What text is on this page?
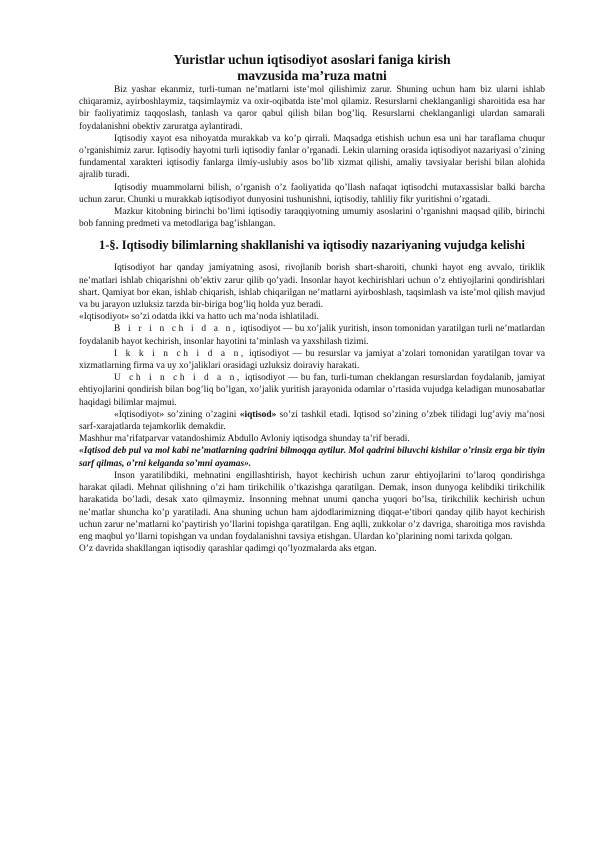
Yuristlar uchun iqtisodiyot asoslari faniga kirish
mavzusida ma’ruza matni

Biz yashar ekanmiz, turli-tuman ne’matlarni iste’mol qilishimiz zarur. Shuning uchun ham biz ularni ishlab chiqaramiz, ayirboshlaymiz, taqsimlaymiz va oxir-oqibatda iste’mol qilamiz. Resurslarni cheklanganligi sharoitida esa har bir faoliyatimiz taqqoslash, tanlash va qaror qabul qilish bilan bog’liq. Resurslarni cheklanganligi ulardan samarali foydalanishni obektiv zaruratga aylantiradi.

Iqtisodiy xayot esa nihoyatda murakkab va ko’p qirrali. Maqsadga etishish uchun esa uni har taraflama chuqur o’rganishimiz zarur. Iqtisodiy hayotni turli iqtisodiy fanlar o’rganadi. Lekin ularning orasida iqtisodiyot nazariyasi o’zining fundamental xarakteri iqtisodiy fanlarga ilmiy-uslubiy asos bo’lib xizmat qilishi, amaliy tavsiyalar berishi bilan alohida ajralib turadi.

Iqtisodiy muammolarni bilish, o’rganish o’z faoliyatida qo’llash nafaqat iqtisodchi mutaxassislar balki barcha uchun zarur. Chunki u murakkab iqtisodiyot dunyosini tushunishni, iqtisodiy, tahliliy fikr yuritishni o’rgatadi.

Mazkur kitobning birinchi bo’limi iqtisodiy taraqqiyotning umumiy asoslarini o’rganishni maqsad qilib, birinchi bob fanning predmeti va metodlariga bag’ishlangan.

1-§. Iqtisodiy bilimlarning shakllanishi va iqtisodiy nazariyaning vujudga kelishi

Iqtisodiyot har qanday jamiyatning asosi, rivojlanib borish shart-sharoiti, chunki hayot eng avvalo, tiriklik ne’matlari ishlab chiqarishni ob’ektiv zarur qilib qo’yadi. Insonlar hayot kechirishlari uchun o’z ehtiyojlarini qondirishlari shart. Qamiyat bor ekan, ishlab chiqarish, ishlab chiqarilgan ne’matlarni ayirboshlash, taqsimlash va iste’mol qilish mavjud va bu jarayon uzluksiz tarzda bir-biriga bog’liq holda yuz beradi.

«Iqtisodiyot» so’zi odatda ikki va hatto uch ma’noda ishlatiladi.

B i r i n ch i d a n, iqtisodiyot — bu xo’jalik yuritish, inson tomonidan yaratilgan turli ne’matlardan foydalanib hayot kechirish, insonlar hayotini ta’minlash va yaxshilash tizimi.

I k k i n ch i d a n, iqtisodiyot — bu resurslar va jamiyat a’zolari tomonidan yaratilgan tovar va xizmatlarning firma va uy xo’jaliklari orasidagi uzluksiz doiraviy harakati.

U ch i n ch i d a n, iqtisodiyot — bu fan, turli-tuman cheklangan resurslardan foydalanib, jamiyat ehtiyojlarini qondirish bilan bog’liq bo’lgan, xo’jalik yuritish jarayonida odamlar o’rtasida vujudga keladigan munosabatlar haqidagi bilimlar majmui.

«Iqtisodiyot» so’zining o’zagini «iqtisod» so’zi tashkil etadi. Iqtisod so’zining o’zbek tilidagi lug’aviy ma’nosi sarf-xarajatlarda tejamkorlik demakdir.

Mashhur ma’rifatparvar vatandoshimiz Abdullo Avloniy iqtisodga shunday ta’rif beradi.

«Iqtisod deb pul va mol kabi ne’matlarning qadrini bilmoqqa aytilur. Mol qadrini biluvchi kishilar o’rinsiz erga bir tiyin sarf qilmas, o’rni kelganda so’mni ayamas».

Inson yaratilibdiki, mehnatini engillashtirish, hayot kechirish uchun zarur ehtiyojlarini to’laroq qondirishga harakat qiladi. Mehnat qilishning o’zi ham tirikchilik o’tkazishga qaratilgan. Demak, inson dunyoga kelibdiki tirikchilik harakatida bo’ladi, desak xato qilmaymiz. Insonning mehnat unumi qancha yuqori bo’lsa, tirikchilik kechirish uchun ne’matlar shuncha ko’p yaratiladi. Ana shuning uchun ham ajdodlarimizning diqqat-e’tibori qanday qilib hayot kechirish uchun zarur ne’matlarni ko’paytirish yo’llarini topishga qaratilgan. Eng aqlli, zukkolar o’z davriga, sharoitiga mos ravishda eng maqbul yo’llarni topishgan va undan foydalanishni tavsiya etishgan. Ulardan ko’plarining nomi tarixda qolgan.

O’z davrida shakllangan iqtisodiy qarashlar qadimgi qo’lyozmalarda aks etgan.
